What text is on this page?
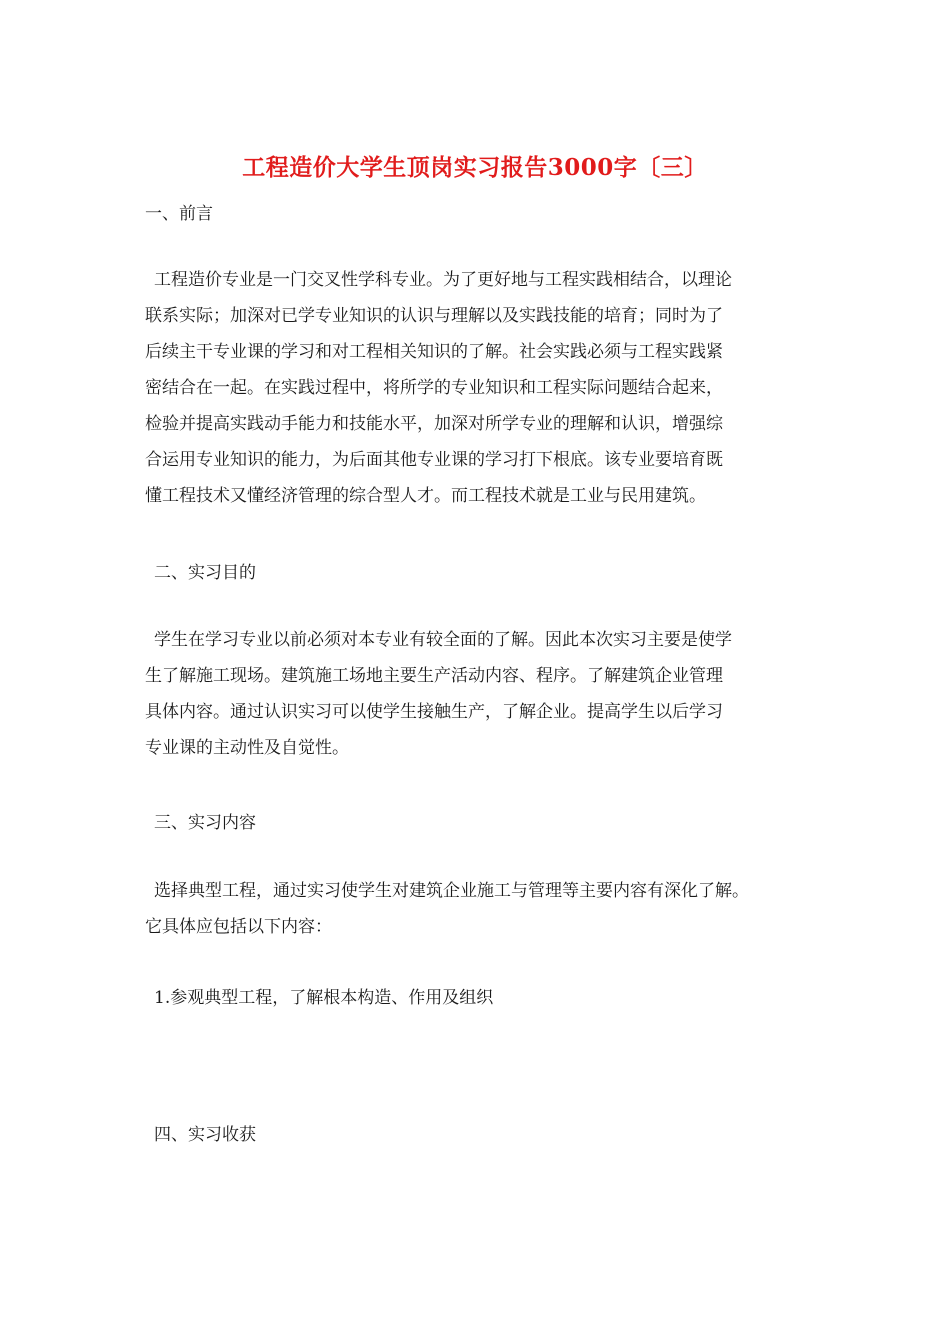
工程造价大学生顶岗实习报告3000字〔三〕
一、前言
工程造价专业是一门交叉性学科专业。为了更好地与工程实践相结合，以理论
联系实际；加深对已学专业知识的认识与理解以及实践技能的培育；同时为了
后续主干专业课的学习和对工程相关知识的了解。社会实践必须与工程实践紧
密结合在一起。在实践过程中，将所学的专业知识和工程实际问题结合起来，
检验并提高实践动手能力和技能水平，加深对所学专业的理解和认识，增强综
合运用专业知识的能力，为后面其他专业课的学习打下根底。该专业要培育既
懂工程技术又懂经济管理的综合型人才。而工程技术就是工业与民用建筑。
二、实习目的
学生在学习专业以前必须对本专业有较全面的了解。因此本次实习主要是使学
生了解施工现场。建筑施工场地主要生产活动内容、程序。了解建筑企业管理
具体内容。通过认识实习可以使学生接触生产，了解企业。提高学生以后学习
专业课的主动性及自觉性。
三、实习内容
选择典型工程，通过实习使学生对建筑企业施工与管理等主要内容有深化了解。
它具体应包括以下内容：
1.参观典型工程，了解根本构造、作用及组织
四、实习收获
